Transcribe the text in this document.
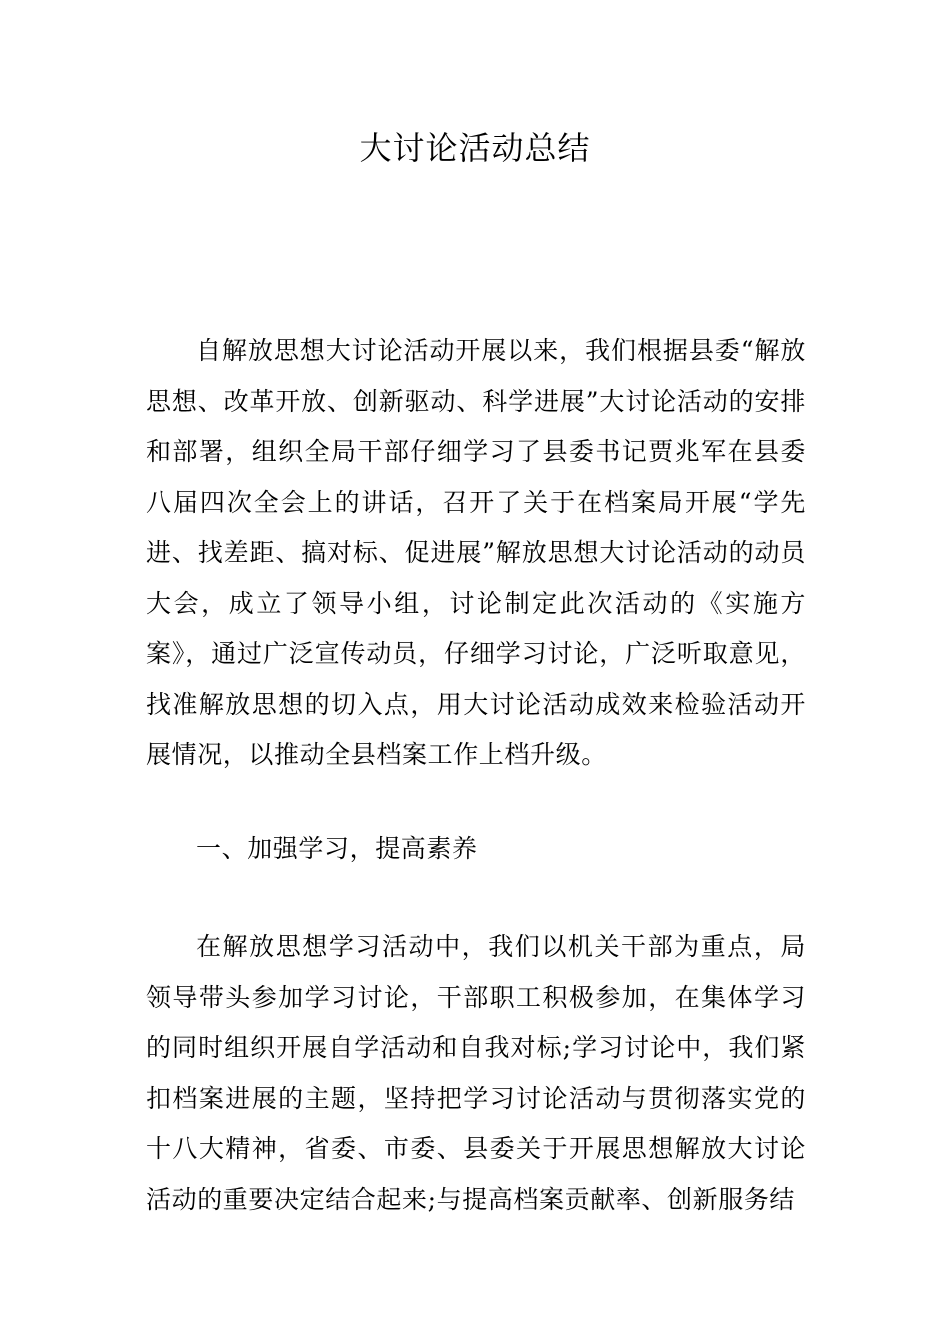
大讨论活动总结

自解放思想大讨论活动开展以来，我们根据县委“解放思想、改革开放、创新驱动、科学进展”大讨论活动的安排和部署，组织全局干部仔细学习了县委书记贾兆军在县委八届四次全会上的讲话，召开了关于在档案局开展“学先进、找差距、搞对标、促进展”解放思想大讨论活动的动员大会，成立了领导小组，讨论制定此次活动的《实施方案》，通过广泛宣传动员，仔细学习讨论，广泛听取意见，找准解放思想的切入点，用大讨论活动成效来检验活动开展情况，以推动全县档案工作上档升级。

一、加强学习，提高素养

在解放思想学习活动中，我们以机关干部为重点，局领导带头参加学习讨论，干部职工积极参加，在集体学习的同时组织开展自学活动和自我对标;学习讨论中，我们紧扣档案进展的主题，坚持把学习讨论活动与贯彻落实党的十八大精神，省委、市委、县委关于开展思想解放大讨论活动的重要决定结合起来;与提高档案贡献率、创新服务结
